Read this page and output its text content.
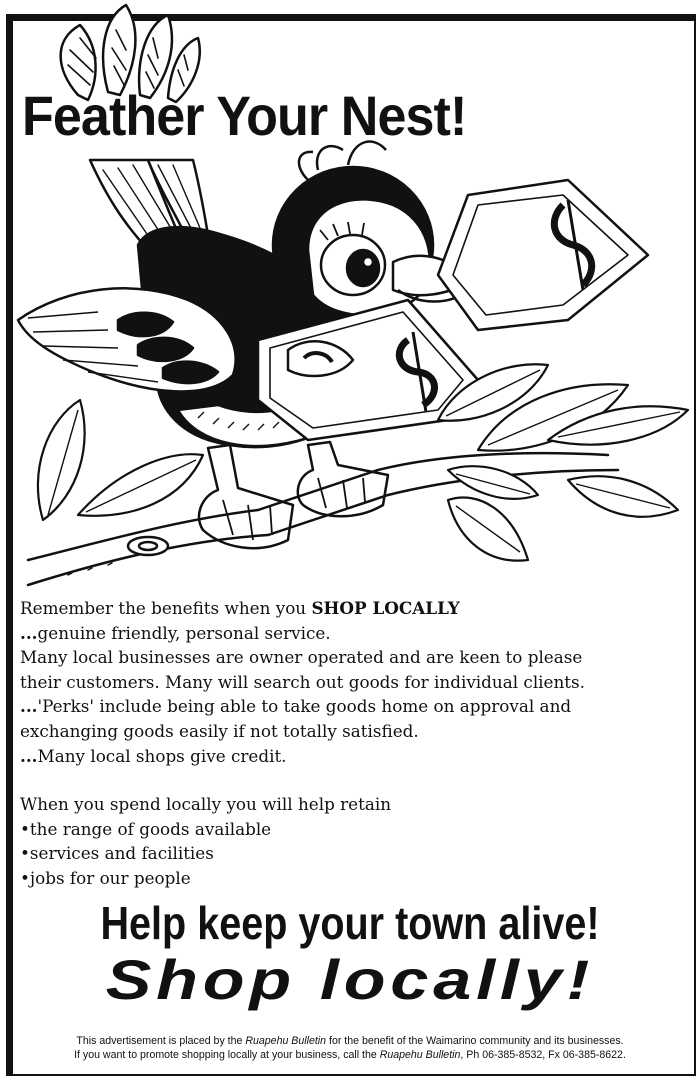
Feather Your Nest!

Remember the benefits when you SHOP LOCALLY

...genuine friendly, personal service.

Many local businesses are owner operated and are keen to please

their customers. Many will search out goods for individual clients.

...'Perks' include being able to take goods home on approval and

exchanging goods easily if not totally satisfied.

...Many local shops give credit.

When you spend locally you will help retain

•the range of goods available

•services and facilities

•jobs for our people

Help keep your town alive!
Shop locally!
This advertisement is placed by the Ruapehu Bulletin for the benefit of the Waimarino community and its businesses.
If you want to promote shopping locally at your business, call the Ruapehu Bulletin, Ph 06-385-8532, Fx 06-385-8622.
